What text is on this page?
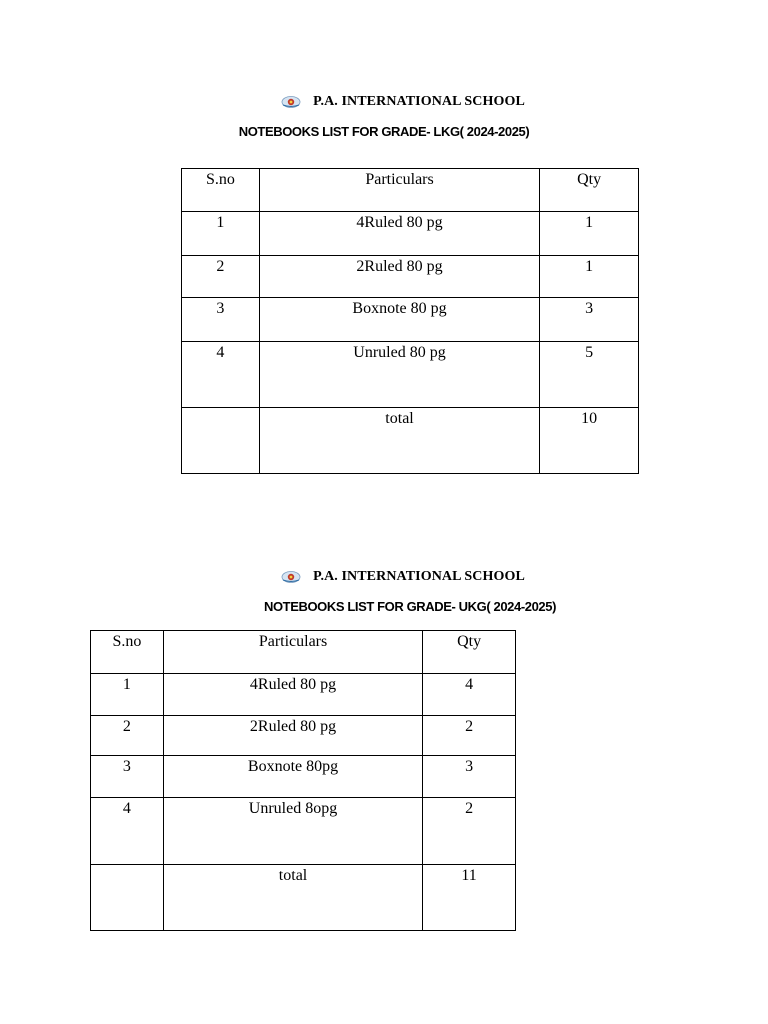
P.A. INTERNATIONAL SCHOOL
NOTEBOOKS LIST FOR GRADE- LKG( 2024-2025)
S.no	Particulars	Qty
1	4Ruled 80 pg	1
2	2Ruled 80 pg	1
3	Boxnote 80 pg	3
4	Unruled 80 pg	5
	total	10
P.A. INTERNATIONAL SCHOOL
NOTEBOOKS LIST FOR GRADE- UKG( 2024-2025)
S.no	Particulars	Qty
1	4Ruled 80 pg	4
2	2Ruled 80 pg	2
3	Boxnote 80pg	3
4	Unruled 8opg	2
	total	11
